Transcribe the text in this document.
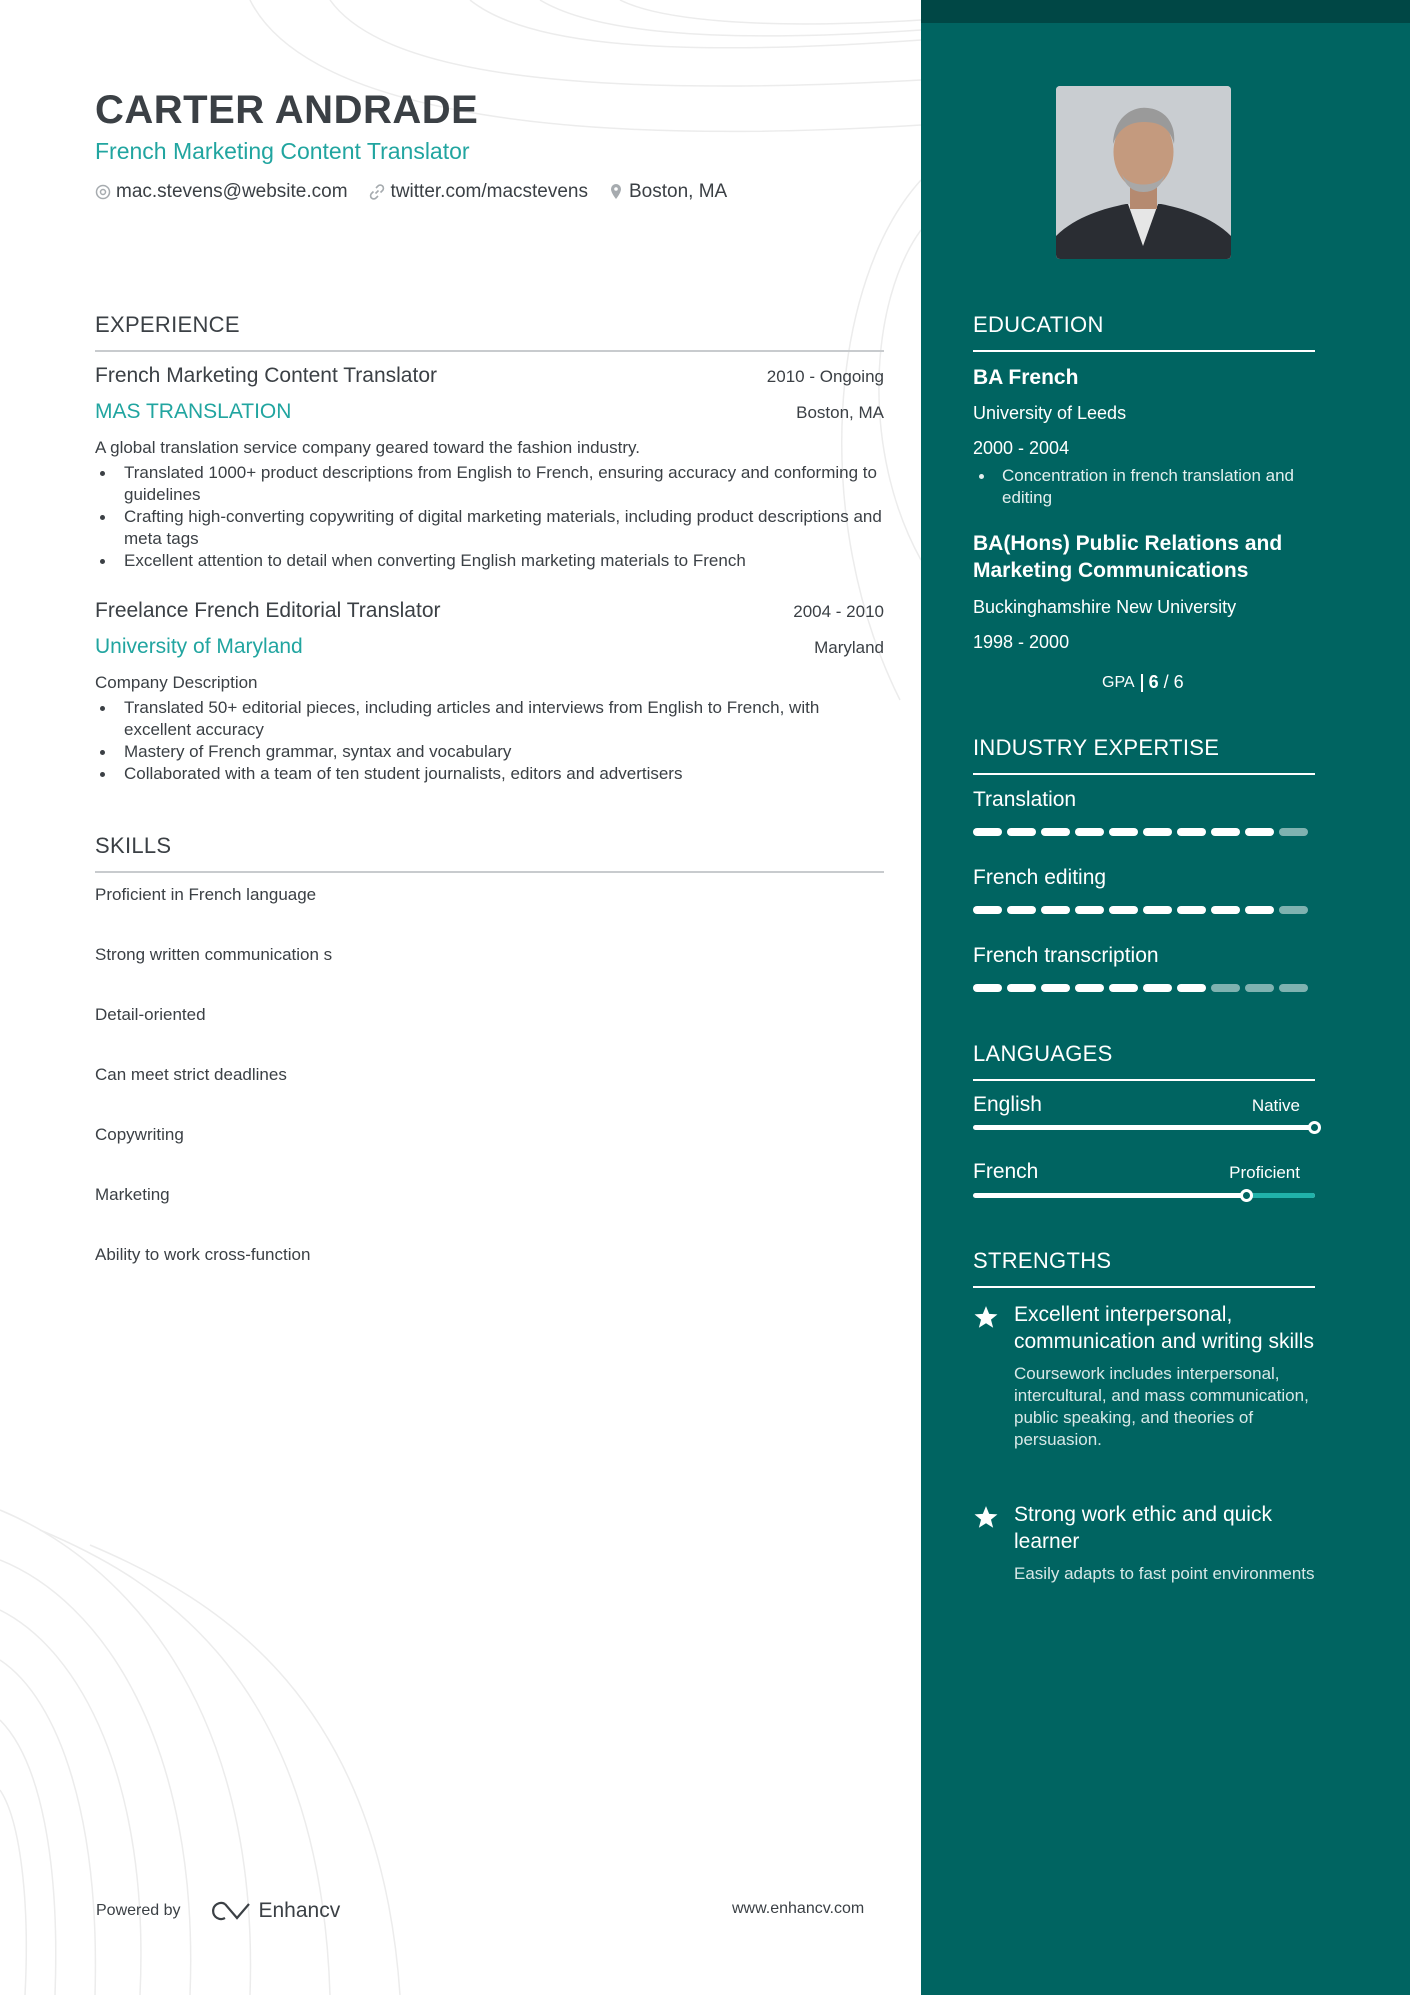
CARTER ANDRADE
French Marketing Content Translator
mac.stevens@website.com twitter.com/macstevens Boston, MA
EXPERIENCE
French Marketing Content Translator	2010 - Ongoing
MAS TRANSLATION	Boston, MA
A global translation service company geared toward the fashion industry.
Translated 1000+ product descriptions from English to French, ensuring accuracy and conforming to guidelines
Crafting high-converting copywriting of digital marketing materials, including product descriptions and meta tags
Excellent attention to detail when converting English marketing materials to French
Freelance French Editorial Translator	2004 - 2010
University of Maryland	Maryland
Company Description
Translated 50+ editorial pieces, including articles and interviews from English to French, with excellent accuracy
Mastery of French grammar, syntax and vocabulary
Collaborated with a team of ten student journalists, editors and advertisers
SKILLS
Proficient in French language
Strong written communication s
Detail-oriented
Can meet strict deadlines
Copywriting
Marketing
Ability to work cross-function
Powered by	Enhancv	www.enhancv.com
EDUCATION
BA French
University of Leeds
2000 - 2004
Concentration in french translation and editing
BA(Hons) Public Relations and Marketing Communications
Buckinghamshire New University
1998 - 2000
GPA 6 / 6
INDUSTRY EXPERTISE
Translation
French editing
French transcription
LANGUAGES
English	Native
French	Proficient
STRENGTHS
Excellent interpersonal, communication and writing skills
Coursework includes interpersonal, intercultural, and mass communication, public speaking, and theories of persuasion.
Strong work ethic and quick learner
Easily adapts to fast point environments
